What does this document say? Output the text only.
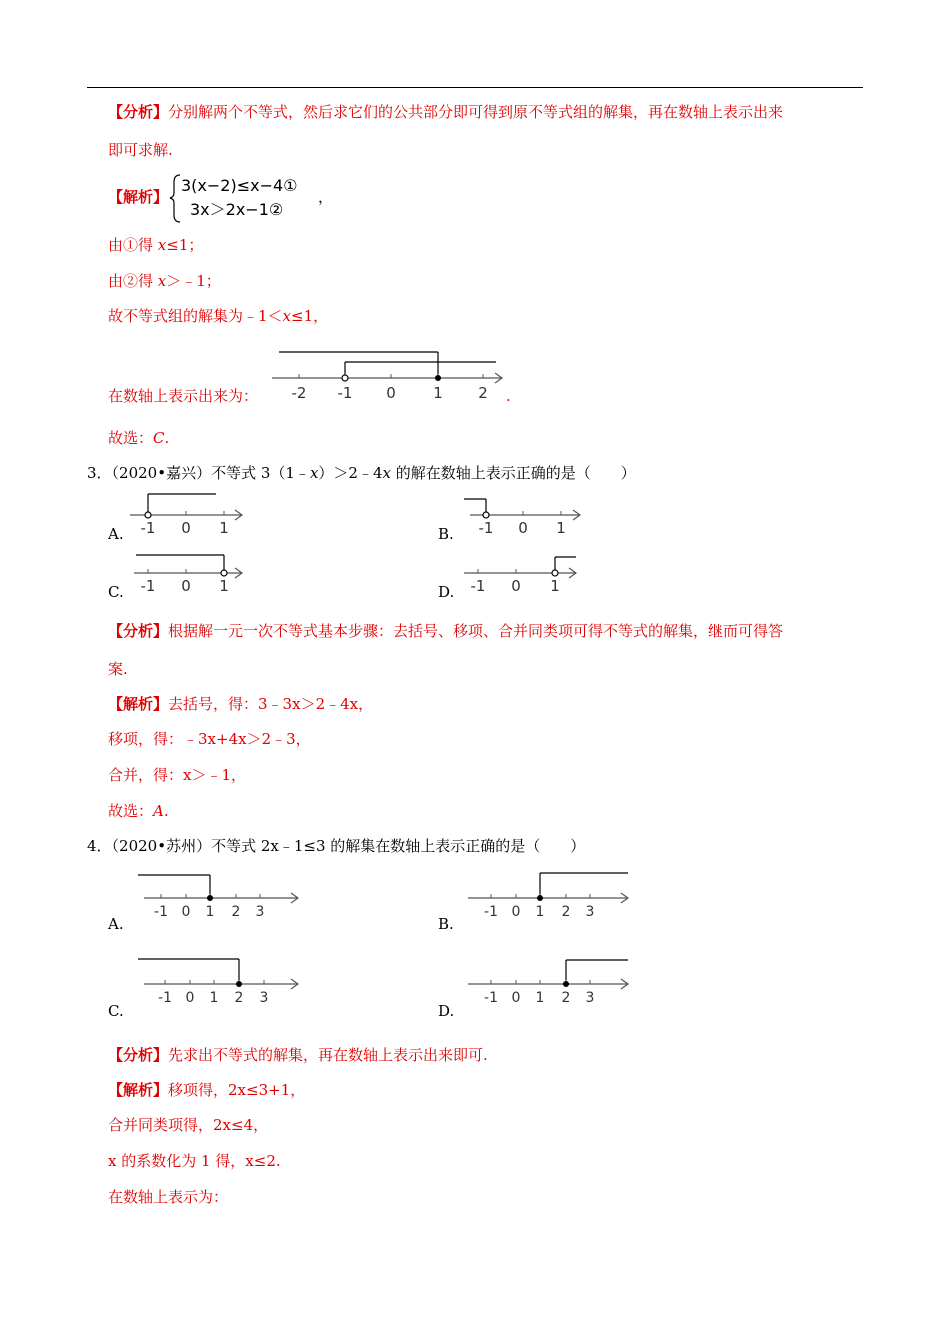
【分析】分别解两个不等式，然后求它们的公共部分即可得到原不等式组的解集，再在数轴上表示出来
即可求解.
【解析】
3(x−2)≤x−4①
3x＞2x−1②
，
由①得 x≤1；
由②得 x＞﹣1；
故不等式组的解集为﹣1＜x≤1，
在数轴上表示出来为： -2 -1 0 1 2 .
故选：C.
3．（2020•嘉兴）不等式 3（1﹣x）＞2﹣4x 的解在数轴上表示正确的是（　　）
A. -1 0 1	B. -1 0 1
C. -1 0 1	D. -1 0 1
【分析】根据解一元一次不等式基本步骤：去括号、移项、合并同类项可得不等式的解集，继而可得答
案.
【解析】去括号，得：3﹣3x＞2﹣4x，
移项，得：﹣3x+4x＞2﹣3，
合并，得：x＞﹣1，
故选：A.
4．（2020•苏州）不等式 2x﹣1≤3 的解集在数轴上表示正确的是（　　）
A.
-1 0 1 2 3
B.
-1 0 1 2 3
C.
-1 0 1 2 3
D.
-1 0 1 2 3
【分析】先求出不等式的解集，再在数轴上表示出来即可.
【解析】移项得，2x≤3+1，
合并同类项得，2x≤4，
x 的系数化为 1 得，x≤2.
在数轴上表示为：
